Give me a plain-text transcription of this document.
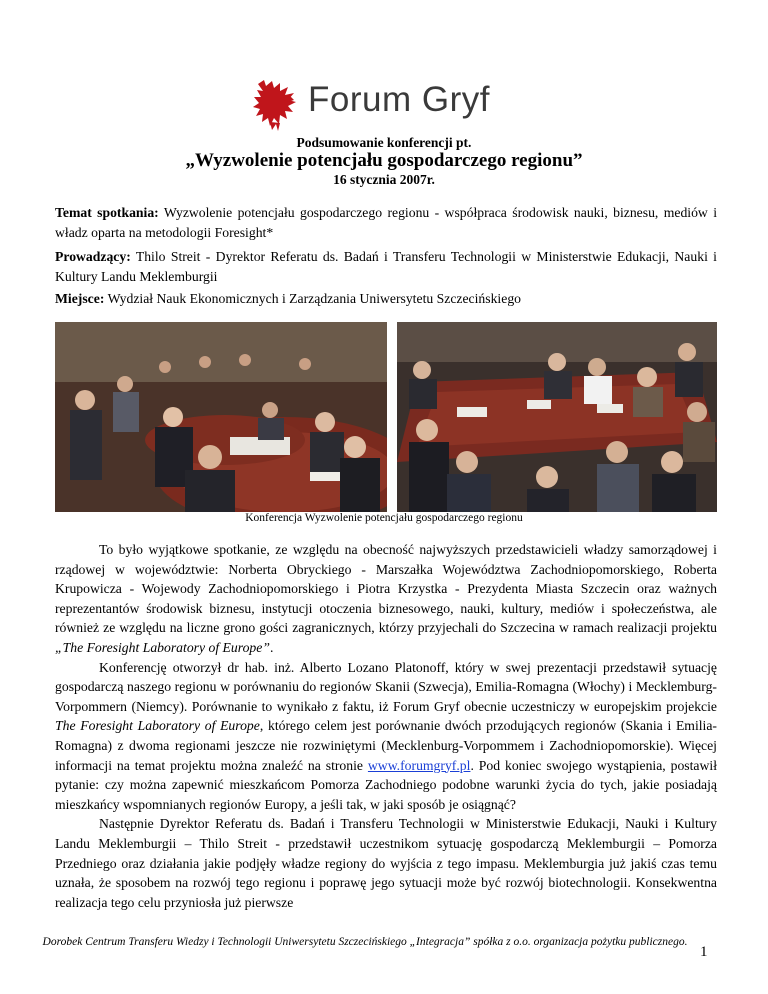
Forum Gryf
Podsumowanie konferencji pt.
„Wyzwolenie potencjału gospodarczego regionu”
16 stycznia 2007r.
Temat spotkania: Wyzwolenie potencjału gospodarczego regionu - współpraca środowisk nauki, biznesu, mediów i władz oparta na metodologii Foresight*
Prowadzący: Thilo Streit - Dyrektor Referatu ds. Badań i Transferu Technologii w Ministerstwie Edukacji, Nauki i Kultury Landu Meklemburgii
Miejsce: Wydział Nauk Ekonomicznych i Zarządzania Uniwersytetu Szczecińskiego
Konferencja Wyzwolenie potencjału gospodarczego regionu

To było wyjątkowe spotkanie, ze względu na obecność najwyższych przedstawicieli władzy samorządowej i rządowej w województwie: Norberta Obryckiego - Marszałka Województwa Zachodniopomorskiego, Roberta Krupowicza - Wojewody Zachodniopomorskiego i Piotra Krzystka - Prezydenta Miasta Szczecin oraz ważnych reprezentantów środowisk biznesu, instytucji otoczenia biznesowego, nauki, kultury, mediów i społeczeństwa, ale również ze względu na liczne grono gości zagranicznych, którzy przyjechali do Szczecina w ramach realizacji projektu „The Foresight Laboratory of Europe”.

Konferencję otworzył dr hab. inż. Alberto Lozano Platonoff, który w swej prezentacji przedstawił sytuację gospodarczą naszego regionu w porównaniu do regionów Skanii (Szwecja), Emilia-Romagna (Włochy) i Mecklemburg-Vorpommern (Niemcy). Porównanie to wynikało z faktu, iż Forum Gryf obecnie uczestniczy w europejskim projekcie The Foresight Laboratory of Europe, którego celem jest porównanie dwóch przodujących regionów (Skania i Emilia-Romagna) z dwoma regionami jeszcze nie rozwiniętymi (Mecklenburg-Vorpommem i Zachodniopomorskie). Więcej informacji na temat projektu można znaleźć na stronie www.forumgryf.pl. Pod koniec swojego wystąpienia, postawił pytanie: czy można zapewnić mieszkańcom Pomorza Zachodniego podobne warunki życia do tych, jakie posiadają mieszkańcy wspomnianych regionów Europy, a jeśli tak, w jaki sposób je osiągnąć?

Następnie Dyrektor Referatu ds. Badań i Transferu Technologii w Ministerstwie Edukacji, Nauki i Kultury Landu Meklemburgii – Thilo Streit - przedstawił uczestnikom sytuację gospodarczą Meklemburgii – Pomorza Przedniego oraz działania jakie podjęły władze regiony do wyjścia z tego impasu. Meklemburgia już jakiś czas temu uznała, że sposobem na rozwój tego regionu i poprawę jego sytuacji może być rozwój biotechnologii. Konsekwentna realizacja tego celu przyniosła już pierwsze

Dorobek Centrum Transferu Wiedzy i Technologii Uniwersytetu Szczecińskiego „Integracja” spółka z o.o. organizacja pożytku publicznego.
1
